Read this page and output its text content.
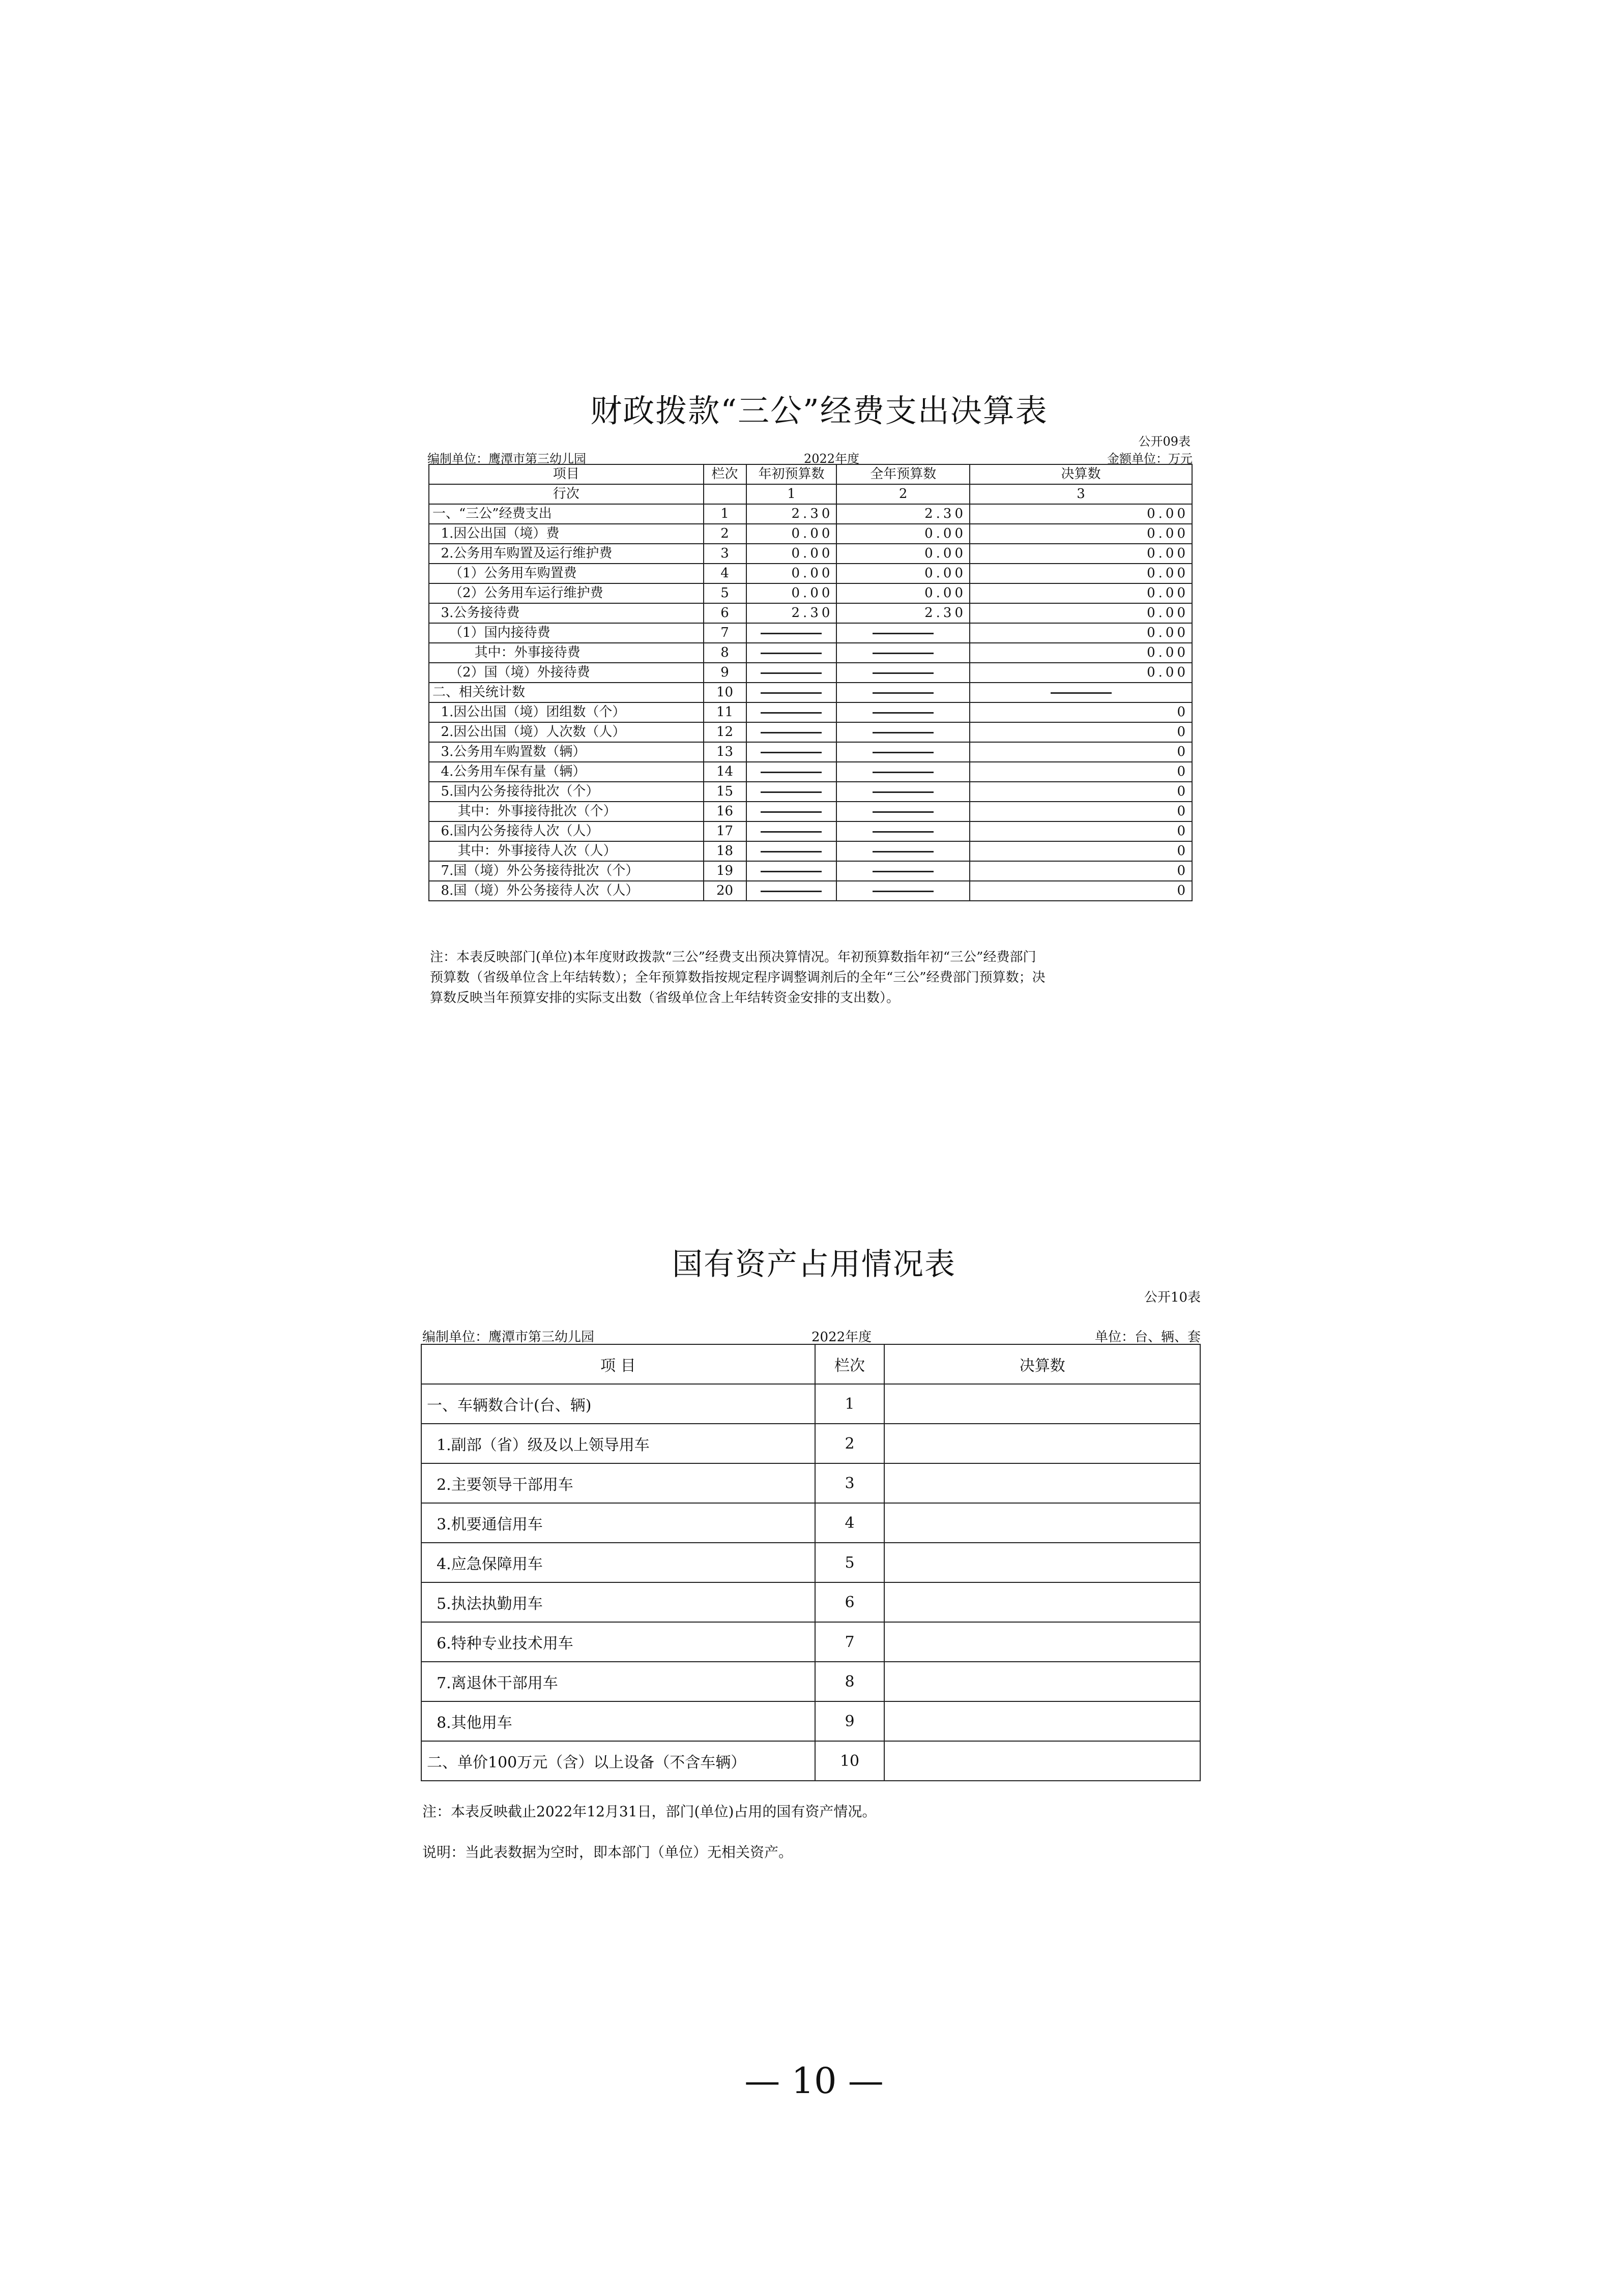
财政拨款“三公”经费支出决算表
公开09表
编制单位：鹰潭市第三幼儿园	2022年度	金额单位：万元
项目	栏次	年初预算数	全年预算数	决算数
行次		1	2	3
一、“三公”经费支出	1	2.30	2.30	0.00
1.因公出国（境）费	2	0.00	0.00	0.00
2.公务用车购置及运行维护费	3	0.00	0.00	0.00
（1）公务用车购置费	4	0.00	0.00	0.00
（2）公务用车运行维护费	5	0.00	0.00	0.00
3.公务接待费	6	2.30	2.30	0.00
（1）国内接待费	7			0.00
其中：外事接待费	8			0.00
（2）国（境）外接待费	9			0.00
二、相关统计数	10			
1.因公出国（境）团组数（个）	11			0
2.因公出国（境）人次数（人）	12			0
3.公务用车购置数（辆）	13			0
4.公务用车保有量（辆）	14			0
5.国内公务接待批次（个）	15			0
其中：外事接待批次（个）	16			0
6.国内公务接待人次（人）	17			0
其中：外事接待人次（人）	18			0
7.国（境）外公务接待批次（个）	19			0
8.国（境）外公务接待人次（人）	20			0
注：本表反映部门(单位)本年度财政拨款“三公”经费支出预决算情况。年初预算数指年初“三公”经费部门
预算数（省级单位含上年结转数）；全年预算数指按规定程序调整调剂后的全年“三公”经费部门预算数；决
算数反映当年预算安排的实际支出数（省级单位含上年结转资金安排的支出数）。
国有资产占用情况表
公开10表
编制单位：鹰潭市第三幼儿园	2022年度	单位：台、辆、套
项 目	栏次	决算数
一、车辆数合计(台、辆)	1	
1.副部（省）级及以上领导用车	2	
2.主要领导干部用车	3	
3.机要通信用车	4	
4.应急保障用车	5	
5.执法执勤用车	6	
6.特种专业技术用车	7	
7.离退休干部用车	8	
8.其他用车	9	
二、单价100万元（含）以上设备（不含车辆）	10	
注：本表反映截止2022年12月31日，部门(单位)占用的国有资产情况。
说明：当此表数据为空时，即本部门（单位）无相关资产。
— 10 —
